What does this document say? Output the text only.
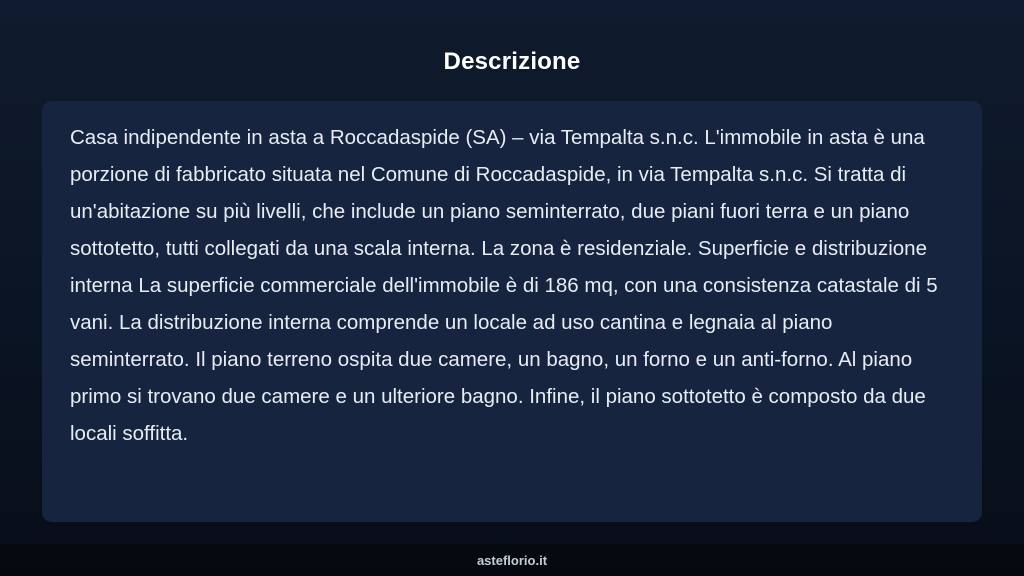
Descrizione

Casa indipendente in asta a Roccadaspide (SA) – via Tempalta s.n.c. L'immobile in asta è una porzione di fabbricato situata nel Comune di Roccadaspide, in via Tempalta s.n.c. Si tratta di un'abitazione su più livelli, che include un piano seminterrato, due piani fuori terra e un piano sottotetto, tutti collegati da una scala interna. La zona è residenziale. Superficie e distribuzione interna La superficie commerciale dell'immobile è di 186 mq, con una consistenza catastale di 5 vani. La distribuzione interna comprende un locale ad uso cantina e legnaia al piano seminterrato. Il piano terreno ospita due camere, un bagno, un forno e un anti-forno. Al piano primo si trovano due camere e un ulteriore bagno. Infine, il piano sottotetto è composto da due locali soffitta.

asteflorio.it
